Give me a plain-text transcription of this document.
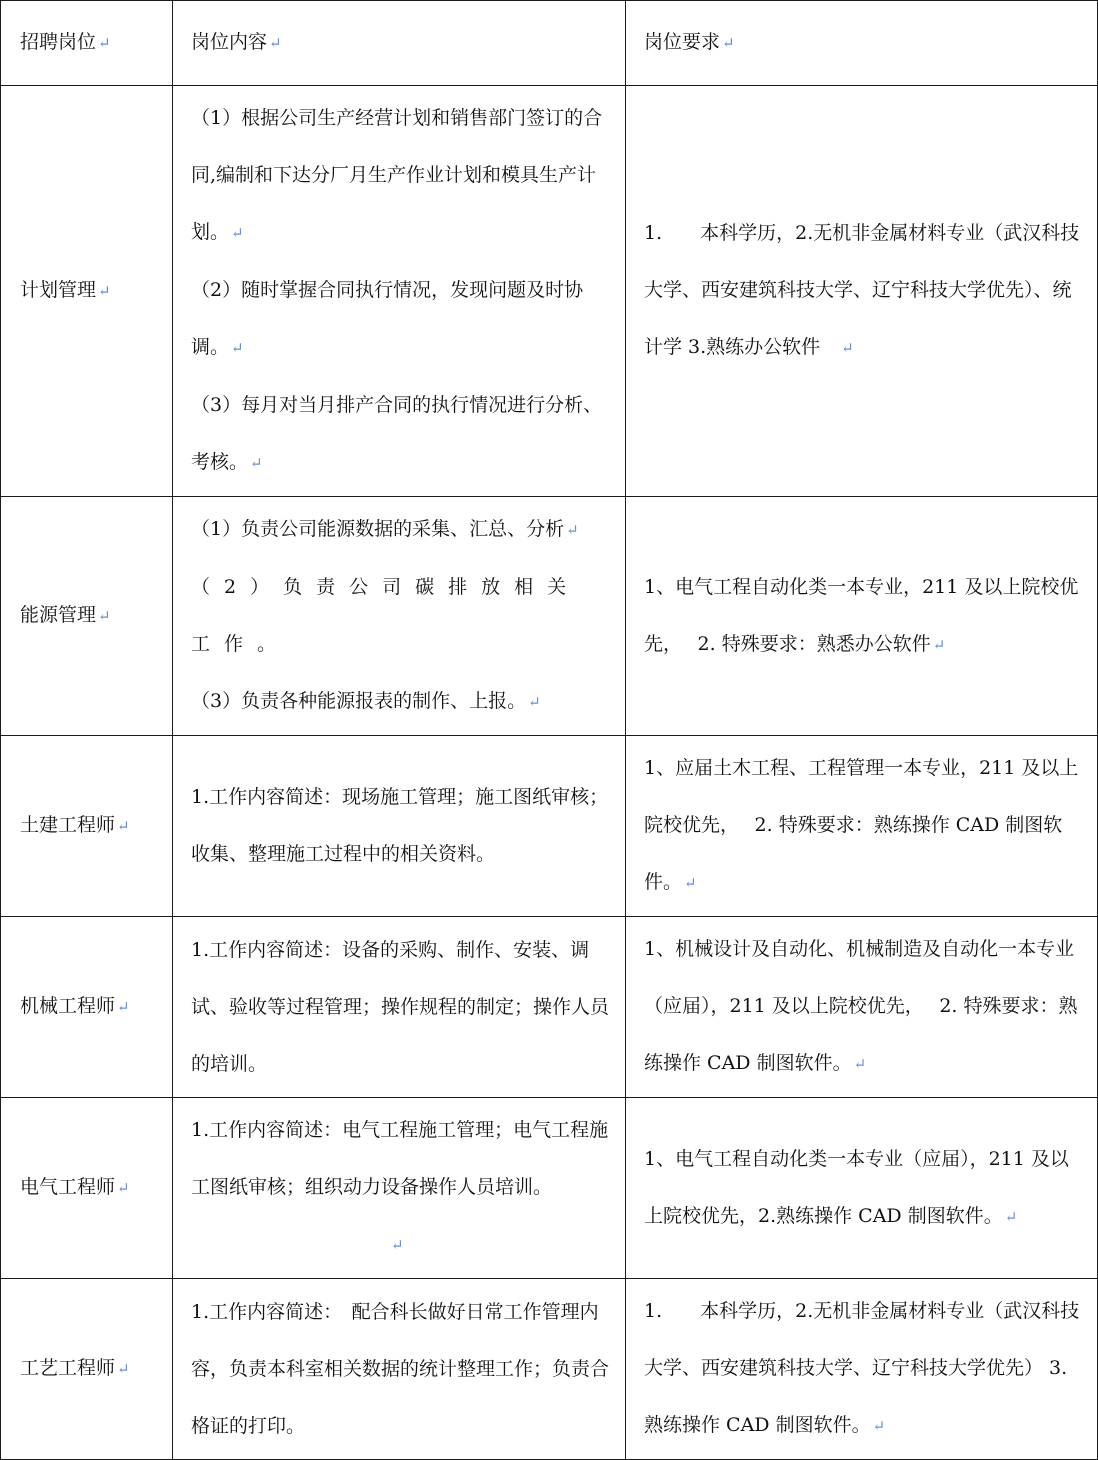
招聘岗位 ↵	岗位内容 ↵	岗位要求 ↵
计划管理 ↵	（1）根据公司生产经营计划和销售部门签订的合同,编制和下达分厂月生产作业计划和模具生产计划。 ↵
（2）随时掌握合同执行情况，发现问题及时协调。 ↵
（3）每月对当月排产合同的执行情况进行分析、考核。 ↵	1.　　本科学历，2.无机非金属材料专业（武汉科技大学、西安建筑科技大学、辽宁科技大学优先）、统计学 3.熟练办公软件　↵
能源管理 ↵	（1）负责公司能源数据的采集、汇总、分析 ↵
（2）负责公司碳排放相关工作。
（3）负责各种能源报表的制作、上报。 ↵	1、电气工程自动化类一本专业，211 及以上院校优先，　 2. 特殊要求：熟悉办公软件 ↵
土建工程师 ↵	1.工作内容简述：现场施工管理；施工图纸审核；收集、整理施工过程中的相关资料。	1、应届土木工程、工程管理一本专业，211 及以上院校优先，　 2. 特殊要求：熟练操作 CAD 制图软件。 ↵
机械工程师 ↵	1.工作内容简述：设备的采购、制作、安装、调试、验收等过程管理；操作规程的制定；操作人员的培训。	1、机械设计及自动化、机械制造及自动化一本专业（应届），211 及以上院校优先，　 2. 特殊要求：熟练操作 CAD 制图软件。 ↵
电气工程师 ↵	1.工作内容简述：电气工程施工管理；电气工程施工图纸审核；组织动力设备操作人员培训。↵	1、电气工程自动化类一本专业（应届），211 及以上院校优先，2.熟练操作 CAD 制图软件。 ↵
工艺工程师 ↵	1.工作内容简述：　配合科长做好日常工作管理内容，负责本科室相关数据的统计整理工作；负责合格证的打印。	1.　　本科学历，2.无机非金属材料专业（武汉科技大学、西安建筑科技大学、辽宁科技大学优先） 3.熟练操作 CAD 制图软件。 ↵
